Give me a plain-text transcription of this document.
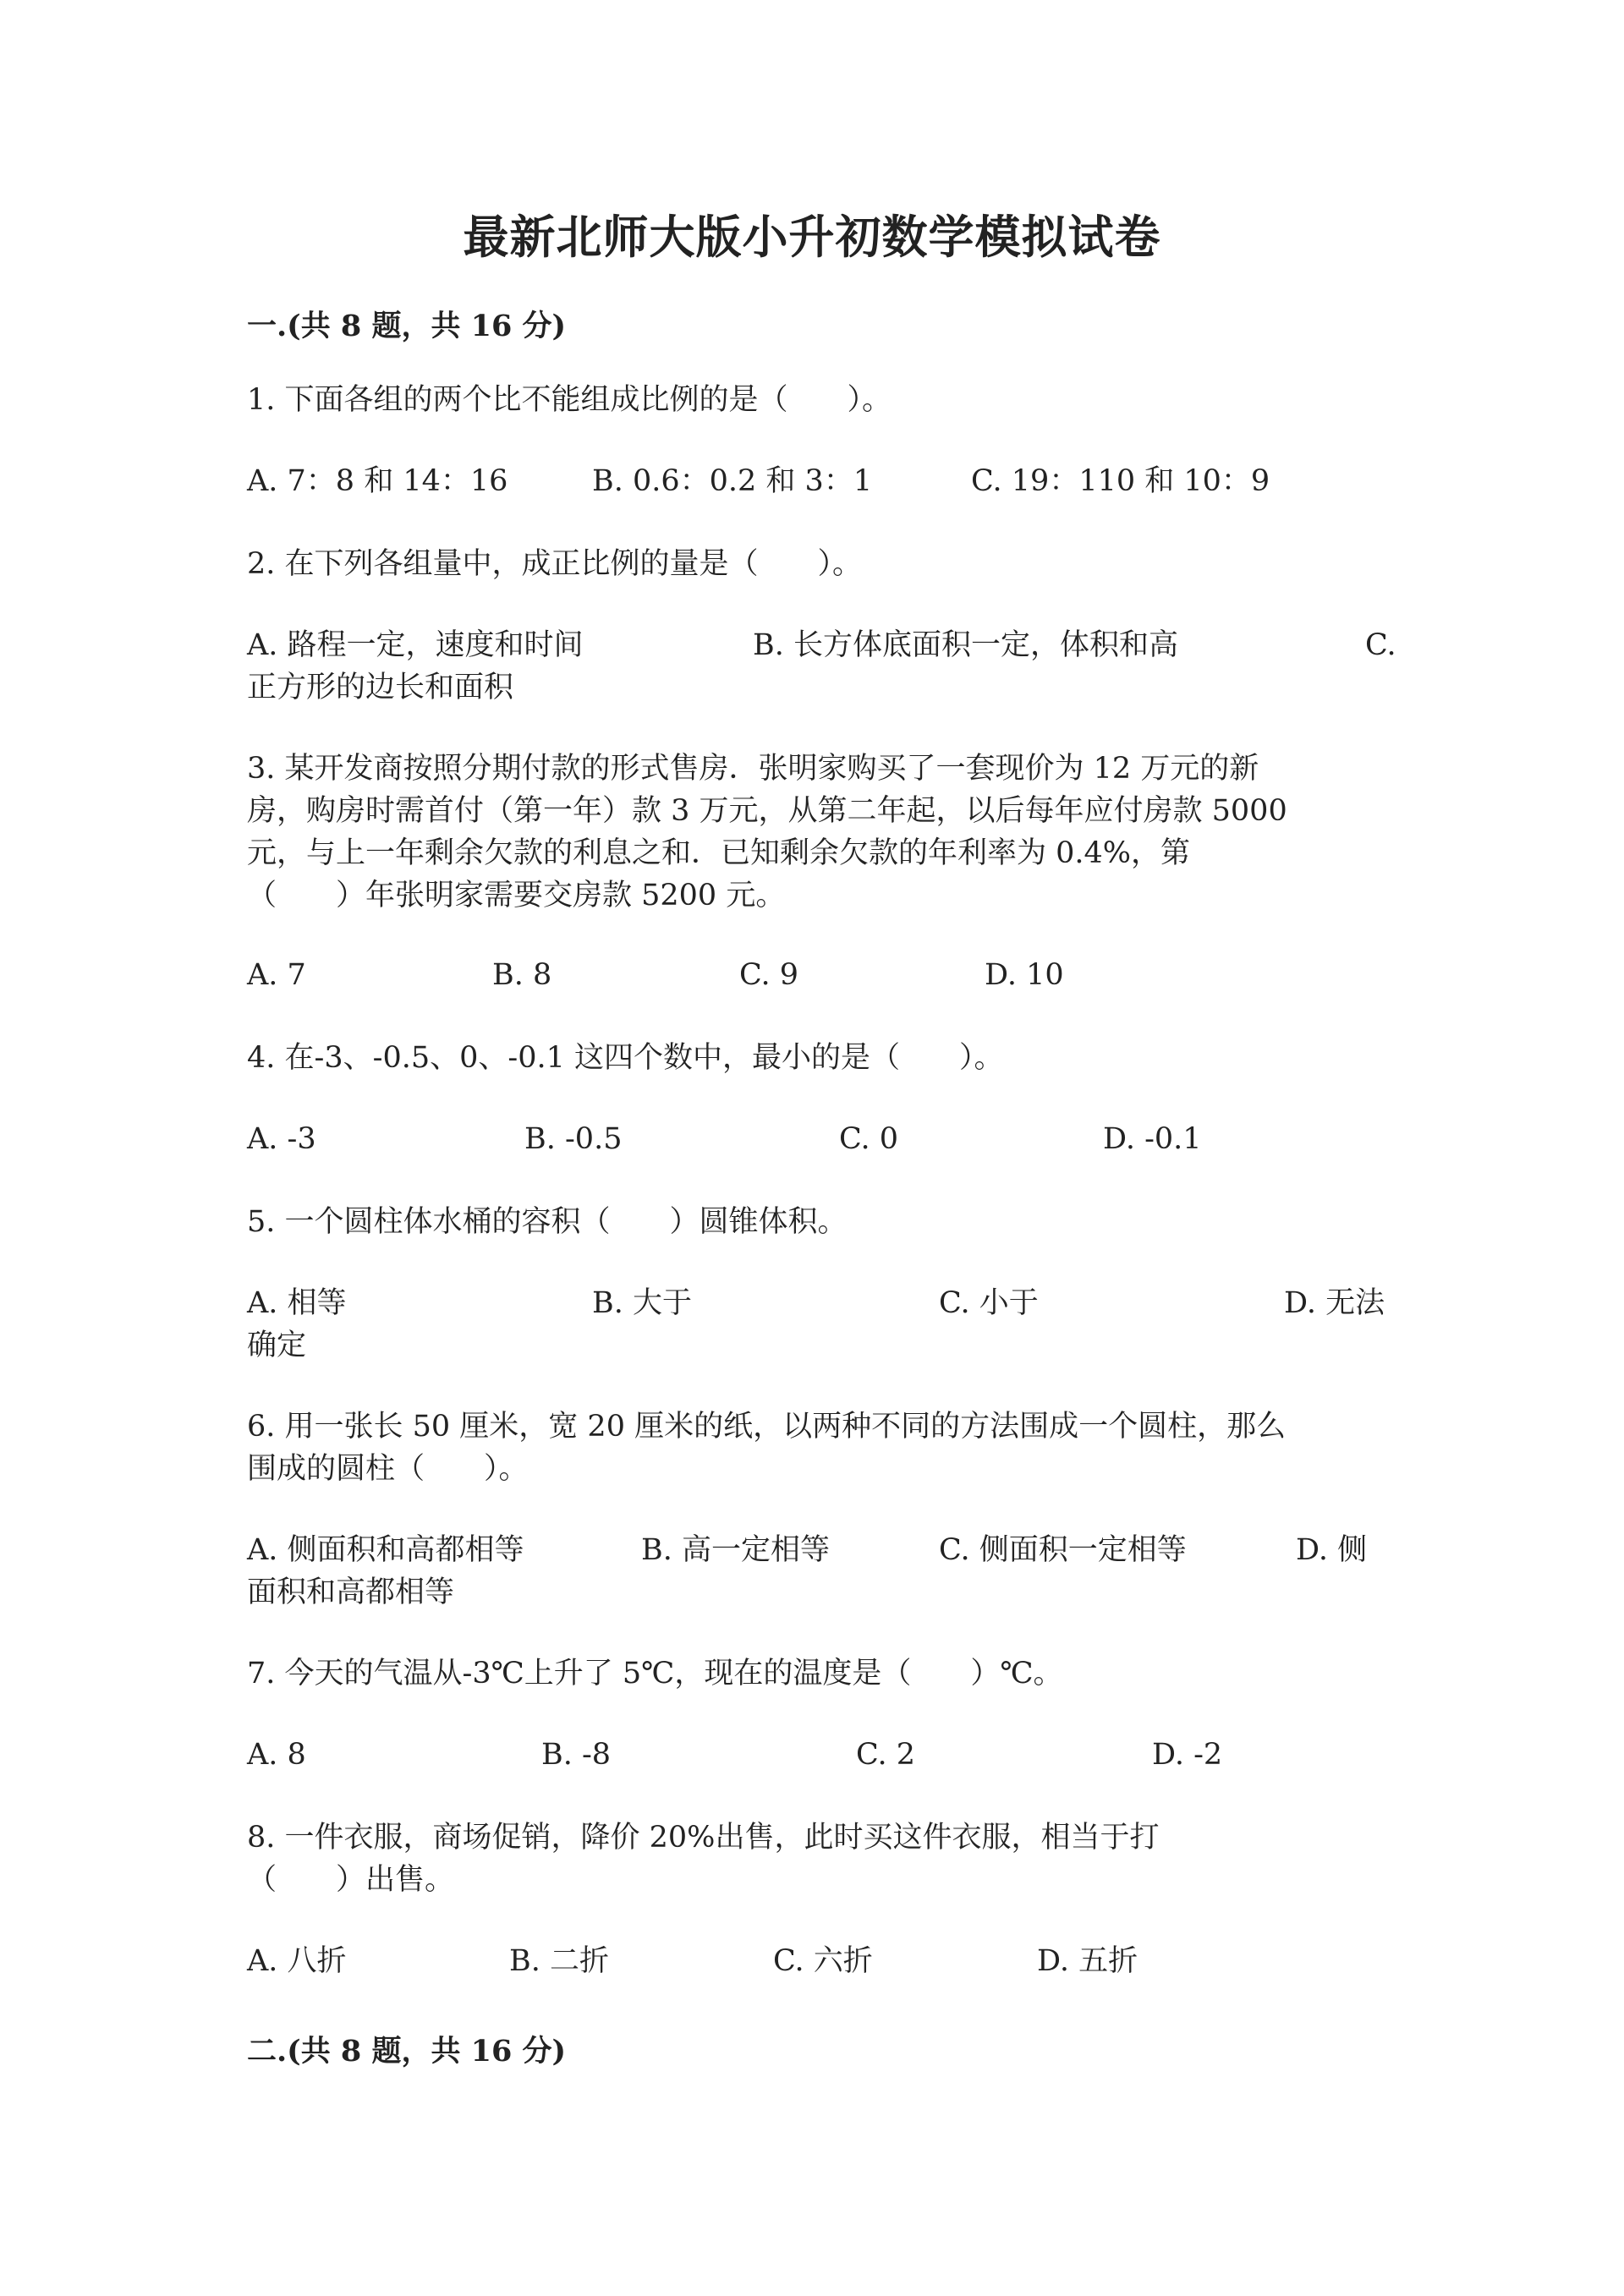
最新北师大版小升初数学模拟试卷
一.(共 8 题，共 16 分)
1. 下面各组的两个比不能组成比例的是（　　）。
A. 7：8 和 14：16	B. 0.6：0.2 和 3：1	C. 19：110 和 10：9
2. 在下列各组量中，成正比例的量是（　　）。
A. 路程一定，速度和时间	B. 长方体底面积一定，体积和高	C.
正方形的边长和面积
3. 某开发商按照分期付款的形式售房．张明家购买了一套现价为 12 万元的新
房，购房时需首付（第一年）款 3 万元，从第二年起，以后每年应付房款 5000
元，与上一年剩余欠款的利息之和．已知剩余欠款的年利率为 0.4%，第
（　　）年张明家需要交房款 5200 元。
A. 7	B. 8	C. 9	D. 10
4. 在-3、-0.5、0、-0.1 这四个数中，最小的是（　　）。
A. -3	B. -0.5	C. 0	D. -0.1
5. 一个圆柱体水桶的容积（　　）圆锥体积。
A. 相等	B. 大于	C. 小于	D. 无法
确定
6. 用一张长 50 厘米，宽 20 厘米的纸，以两种不同的方法围成一个圆柱，那么
围成的圆柱（　　）。
A. 侧面积和高都相等	B. 高一定相等	C. 侧面积一定相等	D. 侧
面积和高都相等
7. 今天的气温从-3℃上升了 5℃，现在的温度是（　　）℃。
A. 8	B. -8	C. 2	D. -2
8. 一件衣服，商场促销，降价 20%出售，此时买这件衣服，相当于打
（　　）出售。
A. 八折	B. 二折	C. 六折	D. 五折
二.(共 8 题，共 16 分)
